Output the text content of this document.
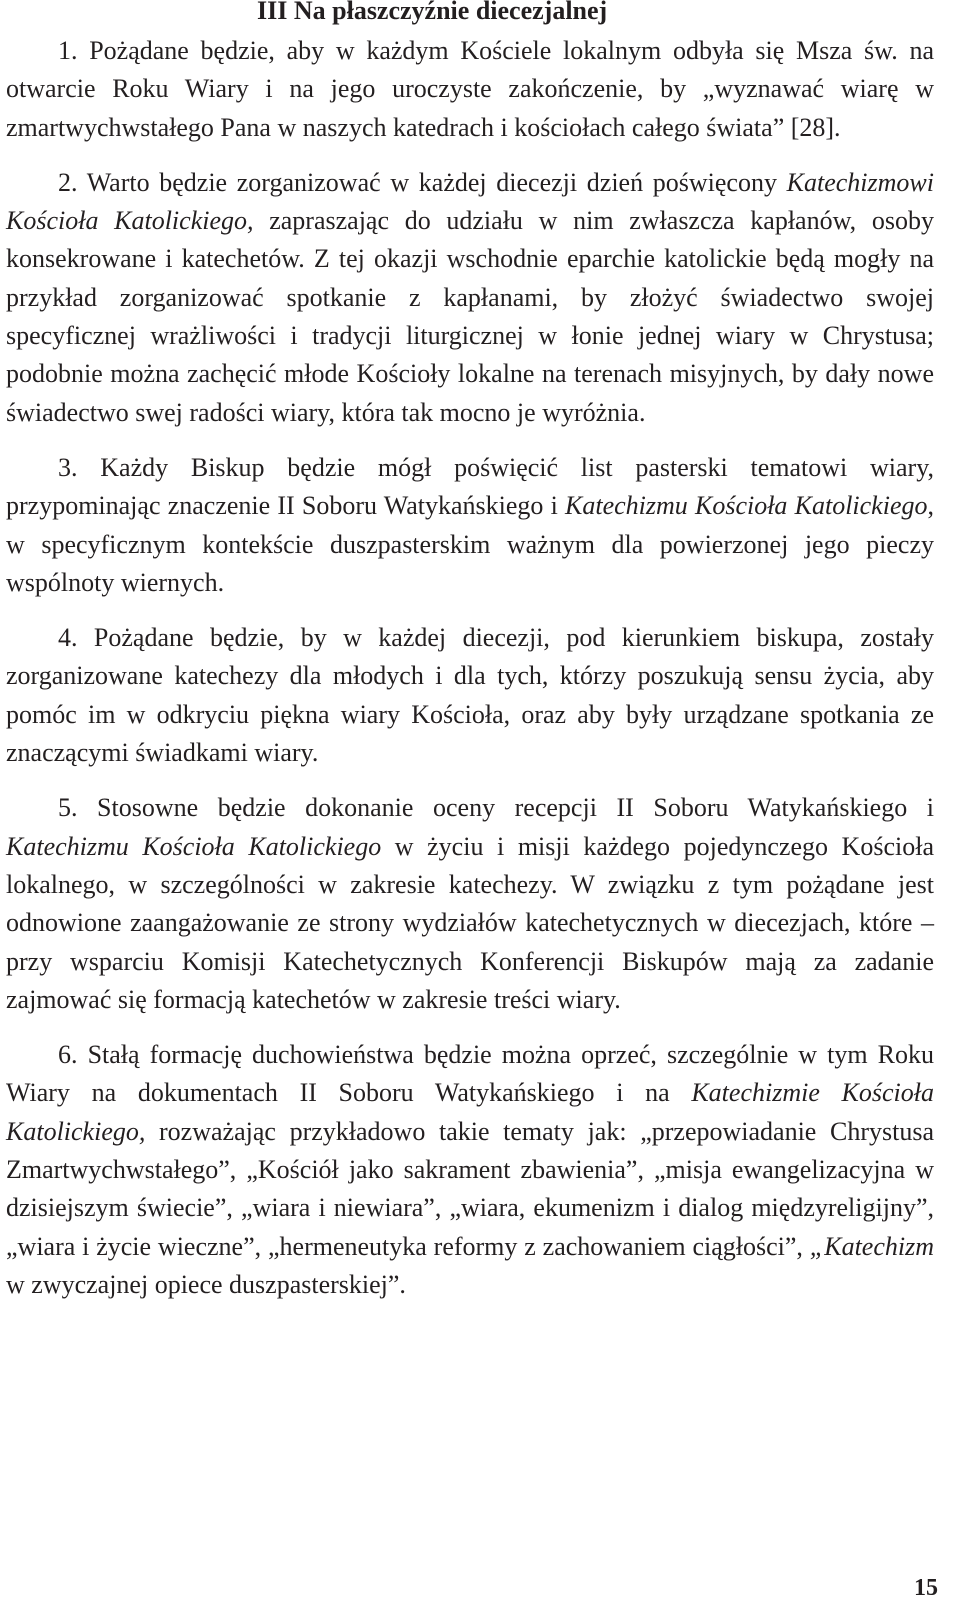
III Na płaszczyźnie diecezjalnej

1. Pożądane będzie, aby w każdym Kościele lokalnym odbyła się Msza św. na otwarcie Roku Wiary i na jego uroczyste zakończenie, by „wyznawać wiarę w zmartwychwstałego Pana w naszych katedrach i kościołach całego świata” [28].

2. Warto będzie zorganizować w każdej diecezji dzień poświęcony Katechizmowi Kościoła Katolickiego, zapraszając do udziału w nim zwłaszcza kapłanów, osoby konsekrowane i katechetów. Z tej okazji wschodnie eparchie katolickie będą mogły na przykład zorganizować spotkanie z kapłanami, by złożyć świadectwo swojej specyficznej wrażliwości i tradycji liturgicznej w łonie jednej wiary w Chrystusa; podobnie można zachęcić młode Kościoły lokalne na terenach misyjnych, by dały nowe świadectwo swej radości wiary, która tak mocno je wyróżnia.

3. Każdy Biskup będzie mógł poświęcić list pasterski tematowi wiary, przypominając znaczenie II Soboru Watykańskiego i Katechizmu Kościoła Katolickiego, w specyficznym kontekście duszpasterskim ważnym dla powierzonej jego pieczy wspólnoty wiernych.

4. Pożądane będzie, by w każdej diecezji, pod kierunkiem biskupa, zostały zorganizowane katechezy dla młodych i dla tych, którzy poszukują sensu życia, aby pomóc im w odkryciu piękna wiary Kościoła, oraz aby były urządzane spotkania ze znaczącymi świadkami wiary.

5. Stosowne będzie dokonanie oceny recepcji II Soboru Watykańskiego i Katechizmu Kościoła Katolickiego w życiu i misji każdego pojedynczego Kościoła lokalnego, w szczególności w zakresie katechezy. W związku z tym pożądane jest odnowione zaangażowanie ze strony wydziałów katechetycznych w diecezjach, które – przy wsparciu Komisji Katechetycznych Konferencji Biskupów mają za zadanie zajmować się formacją katechetów w zakresie treści wiary.

6. Stałą formację duchowieństwa będzie można oprzeć, szczególnie w tym Roku Wiary na dokumentach II Soboru Watykańskiego i na Katechizmie Kościoła Katolickiego, rozważając przykładowo takie tematy jak: „przepowiadanie Chrystusa Zmartwychwstałego”, „Kościół jako sakrament zbawienia”, „misja ewangelizacyjna w dzisiejszym świecie”, „wiara i niewiara”, „wiara, ekumenizm i dialog międzyreligijny”, „wiara i życie wieczne”, „hermeneutyka reformy z zachowaniem ciągłości”, „Katechizm w zwyczajnej opiece duszpasterskiej”.

15
